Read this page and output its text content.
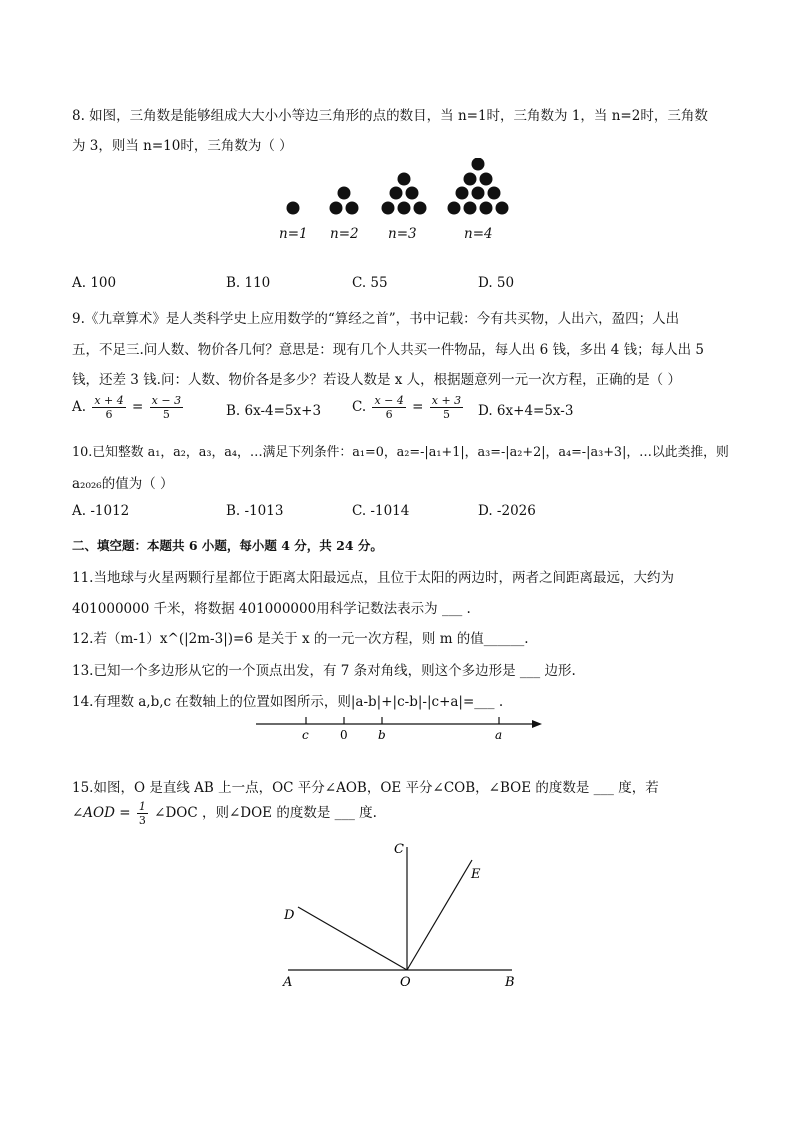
8. 如图，三角数是能够组成大大小小等边三角形的点的数目，当 n=1时，三角数为 1，当 n=2时，三角数
为 3，则当 n=10时，三角数为（ ）
n=1 n=2 n=3	n=4
A. 100	B. 110	C. 55	D. 50
9.《九章算术》是人类科学史上应用数学的“算经之首”，书中记载：今有共买物，人出六，盈四；人出
五，不足三.问人数、物价各几何？意思是：现有几个人共买一件物品，每人出 6 钱，多出 4 钱；每人出 5
钱，还差 3 钱.问：人数、物价各是多少？若设人数是 x 人，根据题意列一元一次方程，正确的是（ ）
A. $\frac{x + 4}{6} = \frac{x - 3}{5}$	B. 6x-4=5x+3 C. $\frac{x - 4}{6} = \frac{x + 3}{5} D$. 6x+4=5x-3
10.已知整数 a₁，a₂，a₃，a₄，…满足下列条件：a₁=0，a₂=-|a₁+1|，a₃=-|a₂+2|，a₄=-|a₃+3|，…以此类推，则
a₂₀₂₆的值为（ ）
A. -1012	B. -1013	C. -1014	D. -2026
二、填空题：本题共 6 小题，每小题 4 分，共 24 分。
11.当地球与火星两颗行星都位于距离太阳最远点，且位于太阳的两边时，两者之间距离最远，大约为
401000000 千米，将数据 401000000用科学记数法表示为 ___ .
12.若（m-1）x^(|2m-3|)=6 是关于 x 的一元一次方程，则 m 的值______.
13.已知一个多边形从它的一个顶点出发，有 7 条对角线，则这个多边形是 ___ 边形.
14.有理数 a,b,c 在数轴上的位置如图所示，则|a-b|+|c-b|-|c+a|=___ .
c	0	b	a
15.如图，O 是直线 AB 上一点，OC 平分∠AOB，OE 平分∠COB，∠BOE 的度数是 ___ 度，若
∠AOD = $\frac{1}{3}$ ∠DOC ，则∠DOE 的度数是 ___ 度.
C
E
D
A	O	B
